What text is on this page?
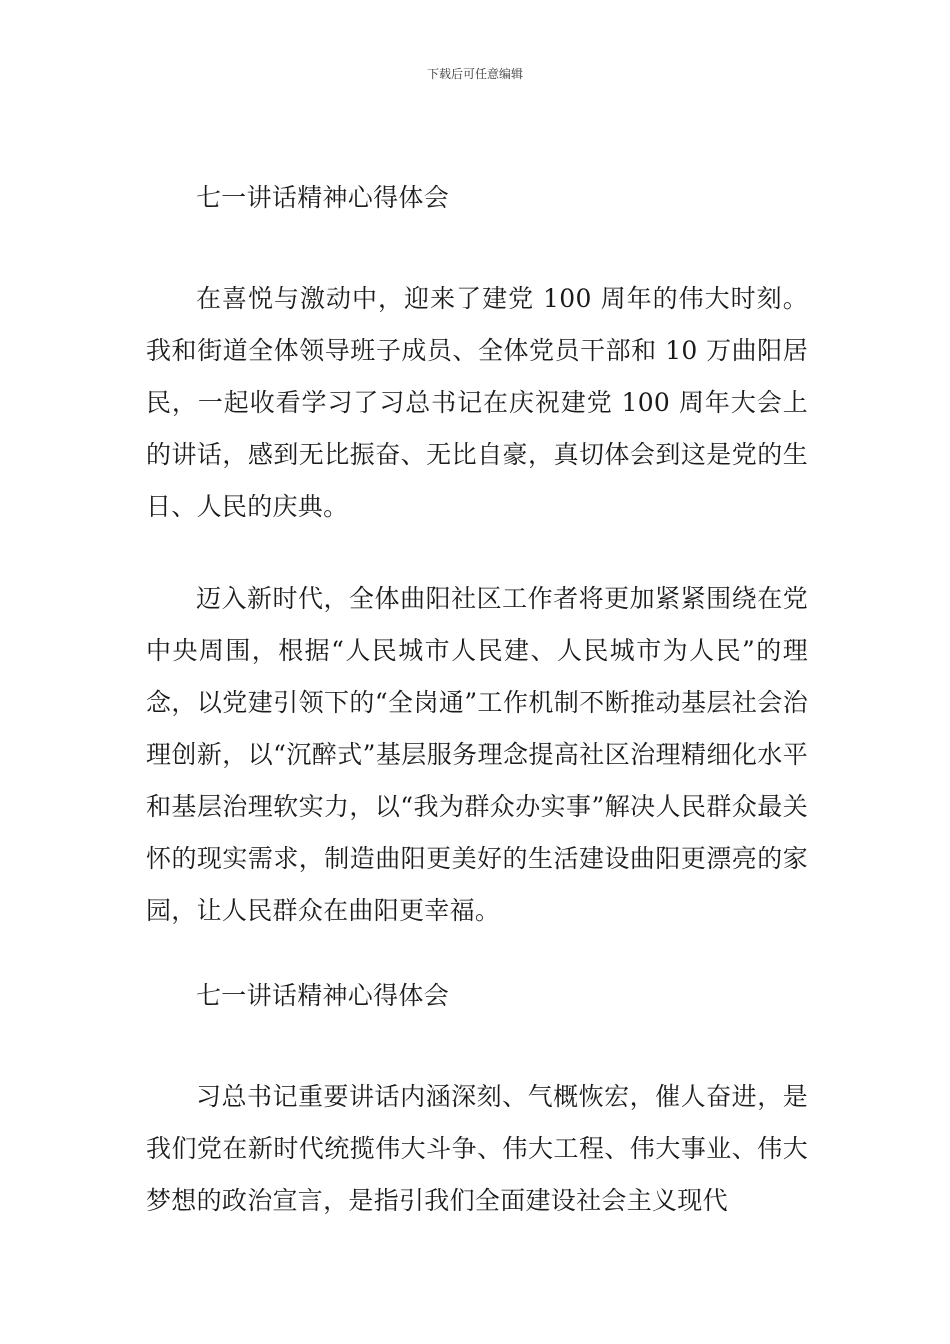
下载后可任意编辑
七一讲话精神心得体会
在喜悦与激动中，迎来了建党 100 周年的伟大时刻。我和街道全体领导班子成员、全体党员干部和 10 万曲阳居民，一起收看学习了习总书记在庆祝建党 100 周年大会上的讲话，感到无比振奋、无比自豪，真切体会到这是党的生日、人民的庆典。
迈入新时代，全体曲阳社区工作者将更加紧紧围绕在党中央周围，根据“人民城市人民建、人民城市为人民”的理念，以党建引领下的“全岗通”工作机制不断推动基层社会治理创新，以“沉醉式”基层服务理念提高社区治理精细化水平和基层治理软实力，以“我为群众办实事”解决人民群众最关怀的现实需求，制造曲阳更美好的生活建设曲阳更漂亮的家园，让人民群众在曲阳更幸福。
七一讲话精神心得体会
习总书记重要讲话内涵深刻、气概恢宏，催人奋进，是我们党在新时代统揽伟大斗争、伟大工程、伟大事业、伟大梦想的政治宣言，是指引我们全面建设社会主义现代
